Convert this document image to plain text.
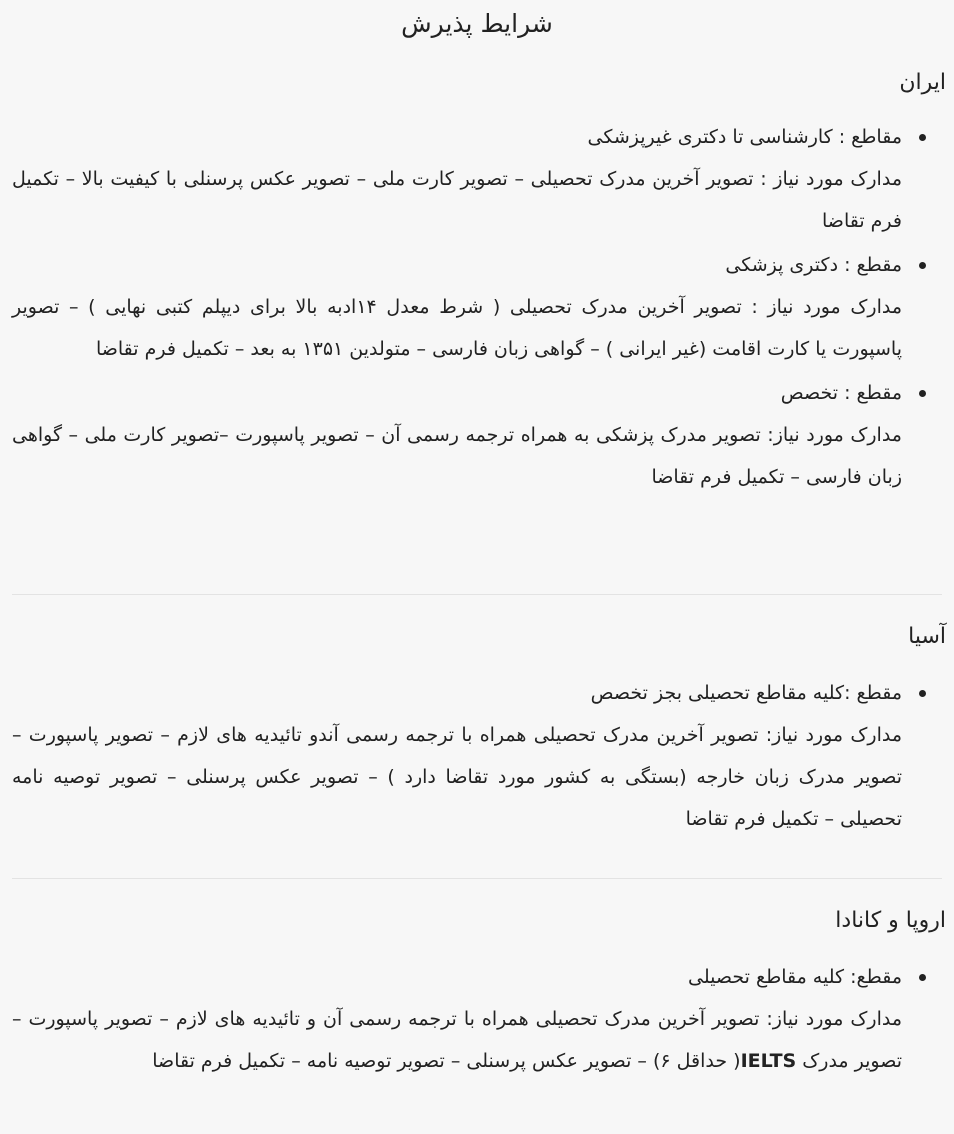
شرایط پذیرش
ایران
مقاطع : کارشناسی تا دکتری غیرپزشکی
مدارک مورد نیاز : تصویر آخرین مدرک تحصیلی – تصویر کارت ملی – تصویر عکس پرسنلی با کیفیت بالا – تکمیل فرم تقاضا
مقطع : دکتری پزشکی
مدارک مورد نیاز : تصویر آخرین مدرک تحصیلی ( شرط معدل ۱۴ادبه بالا برای دیپلم کتبی نهایی ) – تصویر پاسپورت یا کارت اقامت (غیر ایرانی ) – گواهی زبان فارسی – متولدین ۱۳۵۱ به بعد – تکمیل فرم تقاضا
مقطع : تخصص
مدارک مورد نیاز: تصویر مدرک پزشکی به همراه ترجمه رسمی آن – تصویر پاسپورت –تصویر کارت ملی – گواهی زبان فارسی – تکمیل فرم تقاضا
آسیا
مقطع :کلیه مقاطع تحصیلی بجز تخصص
مدارک مورد نیاز: تصویر آخرین مدرک تحصیلی همراه با ترجمه رسمی آندو تائیدیه های لازم – تصویر پاسپورت – تصویر مدرک زبان خارجه (بستگی به کشور مورد تقاضا دارد ) – تصویر عکس پرسنلی – تصویر توصیه نامه تحصیلی – تکمیل فرم تقاضا
اروپا و کانادا
مقطع: کلیه مقاطع تحصیلی
مدارک مورد نیاز: تصویر آخرین مدرک تحصیلی همراه با ترجمه رسمی آن و تائیدیه های لازم – تصویر پاسپورت – تصویر مدرک IELTS( حداقل ۶) – تصویر عکس پرسنلی – تصویر توصیه نامه – تکمیل فرم تقاضا
